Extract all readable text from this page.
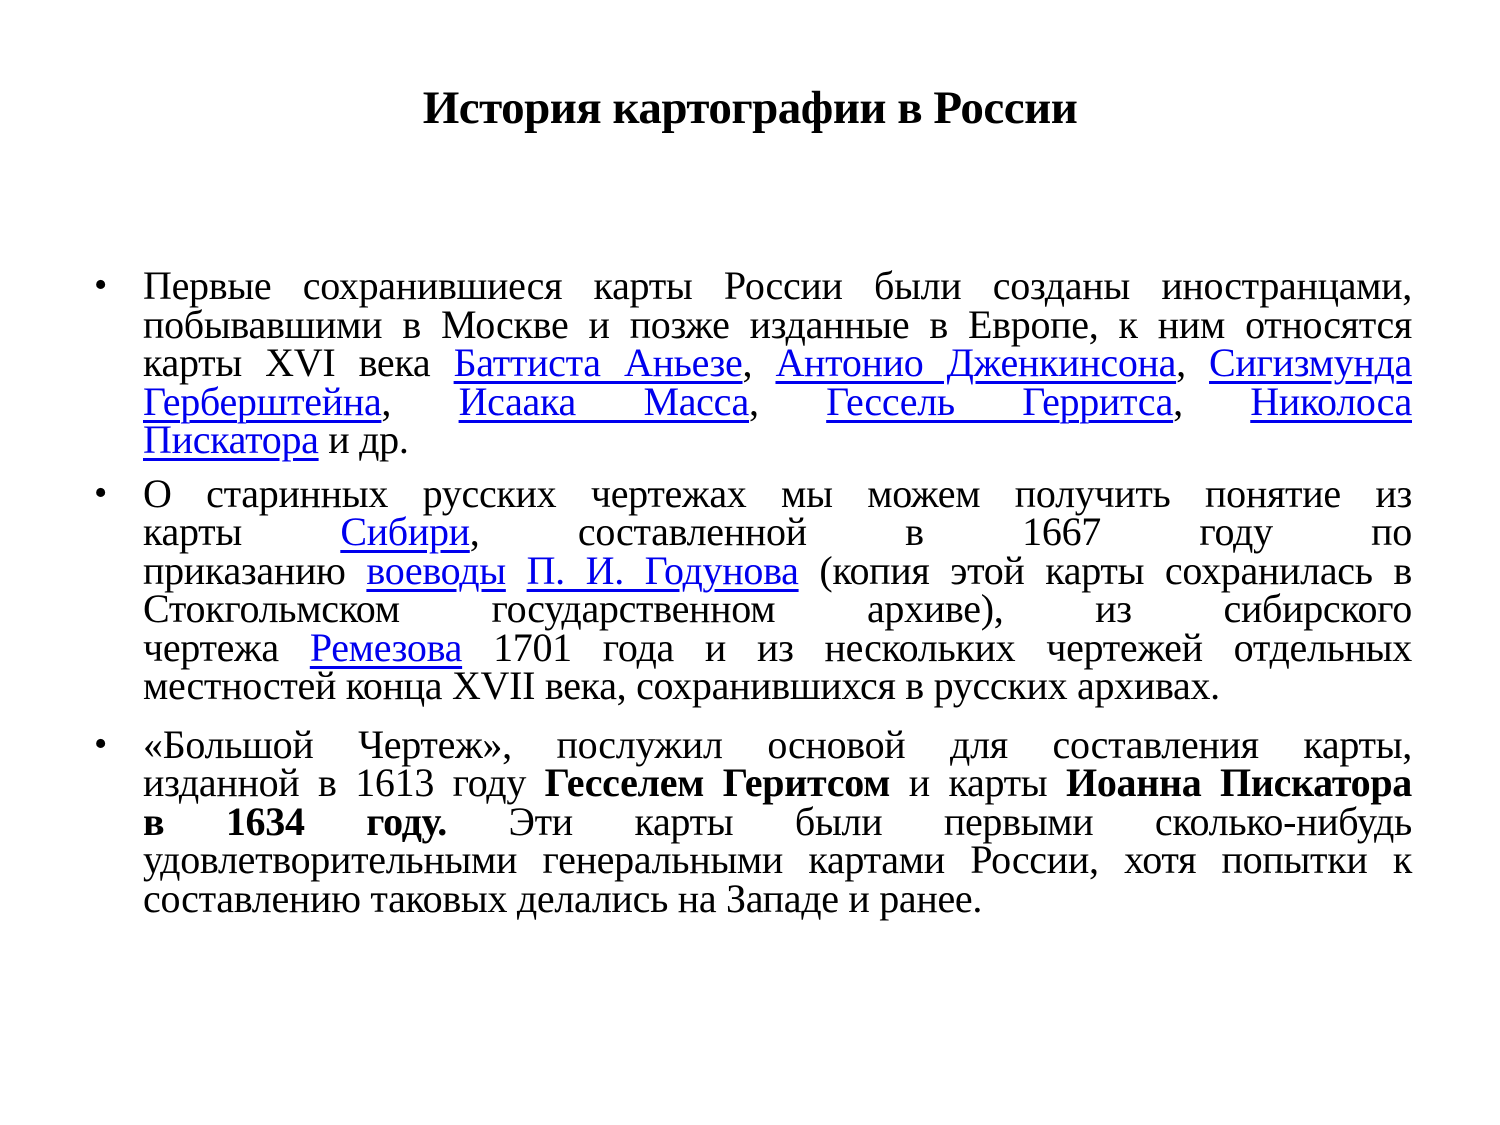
История картографии в России
• Первые сохранившиеся карты России были созданы иностранцами,
побывавшими в Москве и позже изданные в Европе, к ним относятся
карты XVI века Баттиста Аньезе, Антонио Дженкинсона, Сигизмунда
Герберштейна, Исаака Масса, Гессель Герритса, Николоса
Пискатора и др.
• О старинных русских чертежах мы можем получить понятие из
карты Сибири, составленной в 1667 году по
приказанию воеводы П. И. Годунова (копия этой карты сохранилась в
Стокгольмском государственном архиве), из сибирского
чертежа Ремезова 1701 года и из нескольких чертежей отдельных
местностей конца XVII века, сохранившихся в русских архивах.
• «Большой Чертеж», послужил основой для составления карты,
изданной в 1613 году Гесселем Геритсом и карты Иоанна Пискатора
в 1634 году. Эти карты были первыми сколько-нибудь
удовлетворительными генеральными картами России, хотя попытки к
составлению таковых делались на Западе и ранее.
